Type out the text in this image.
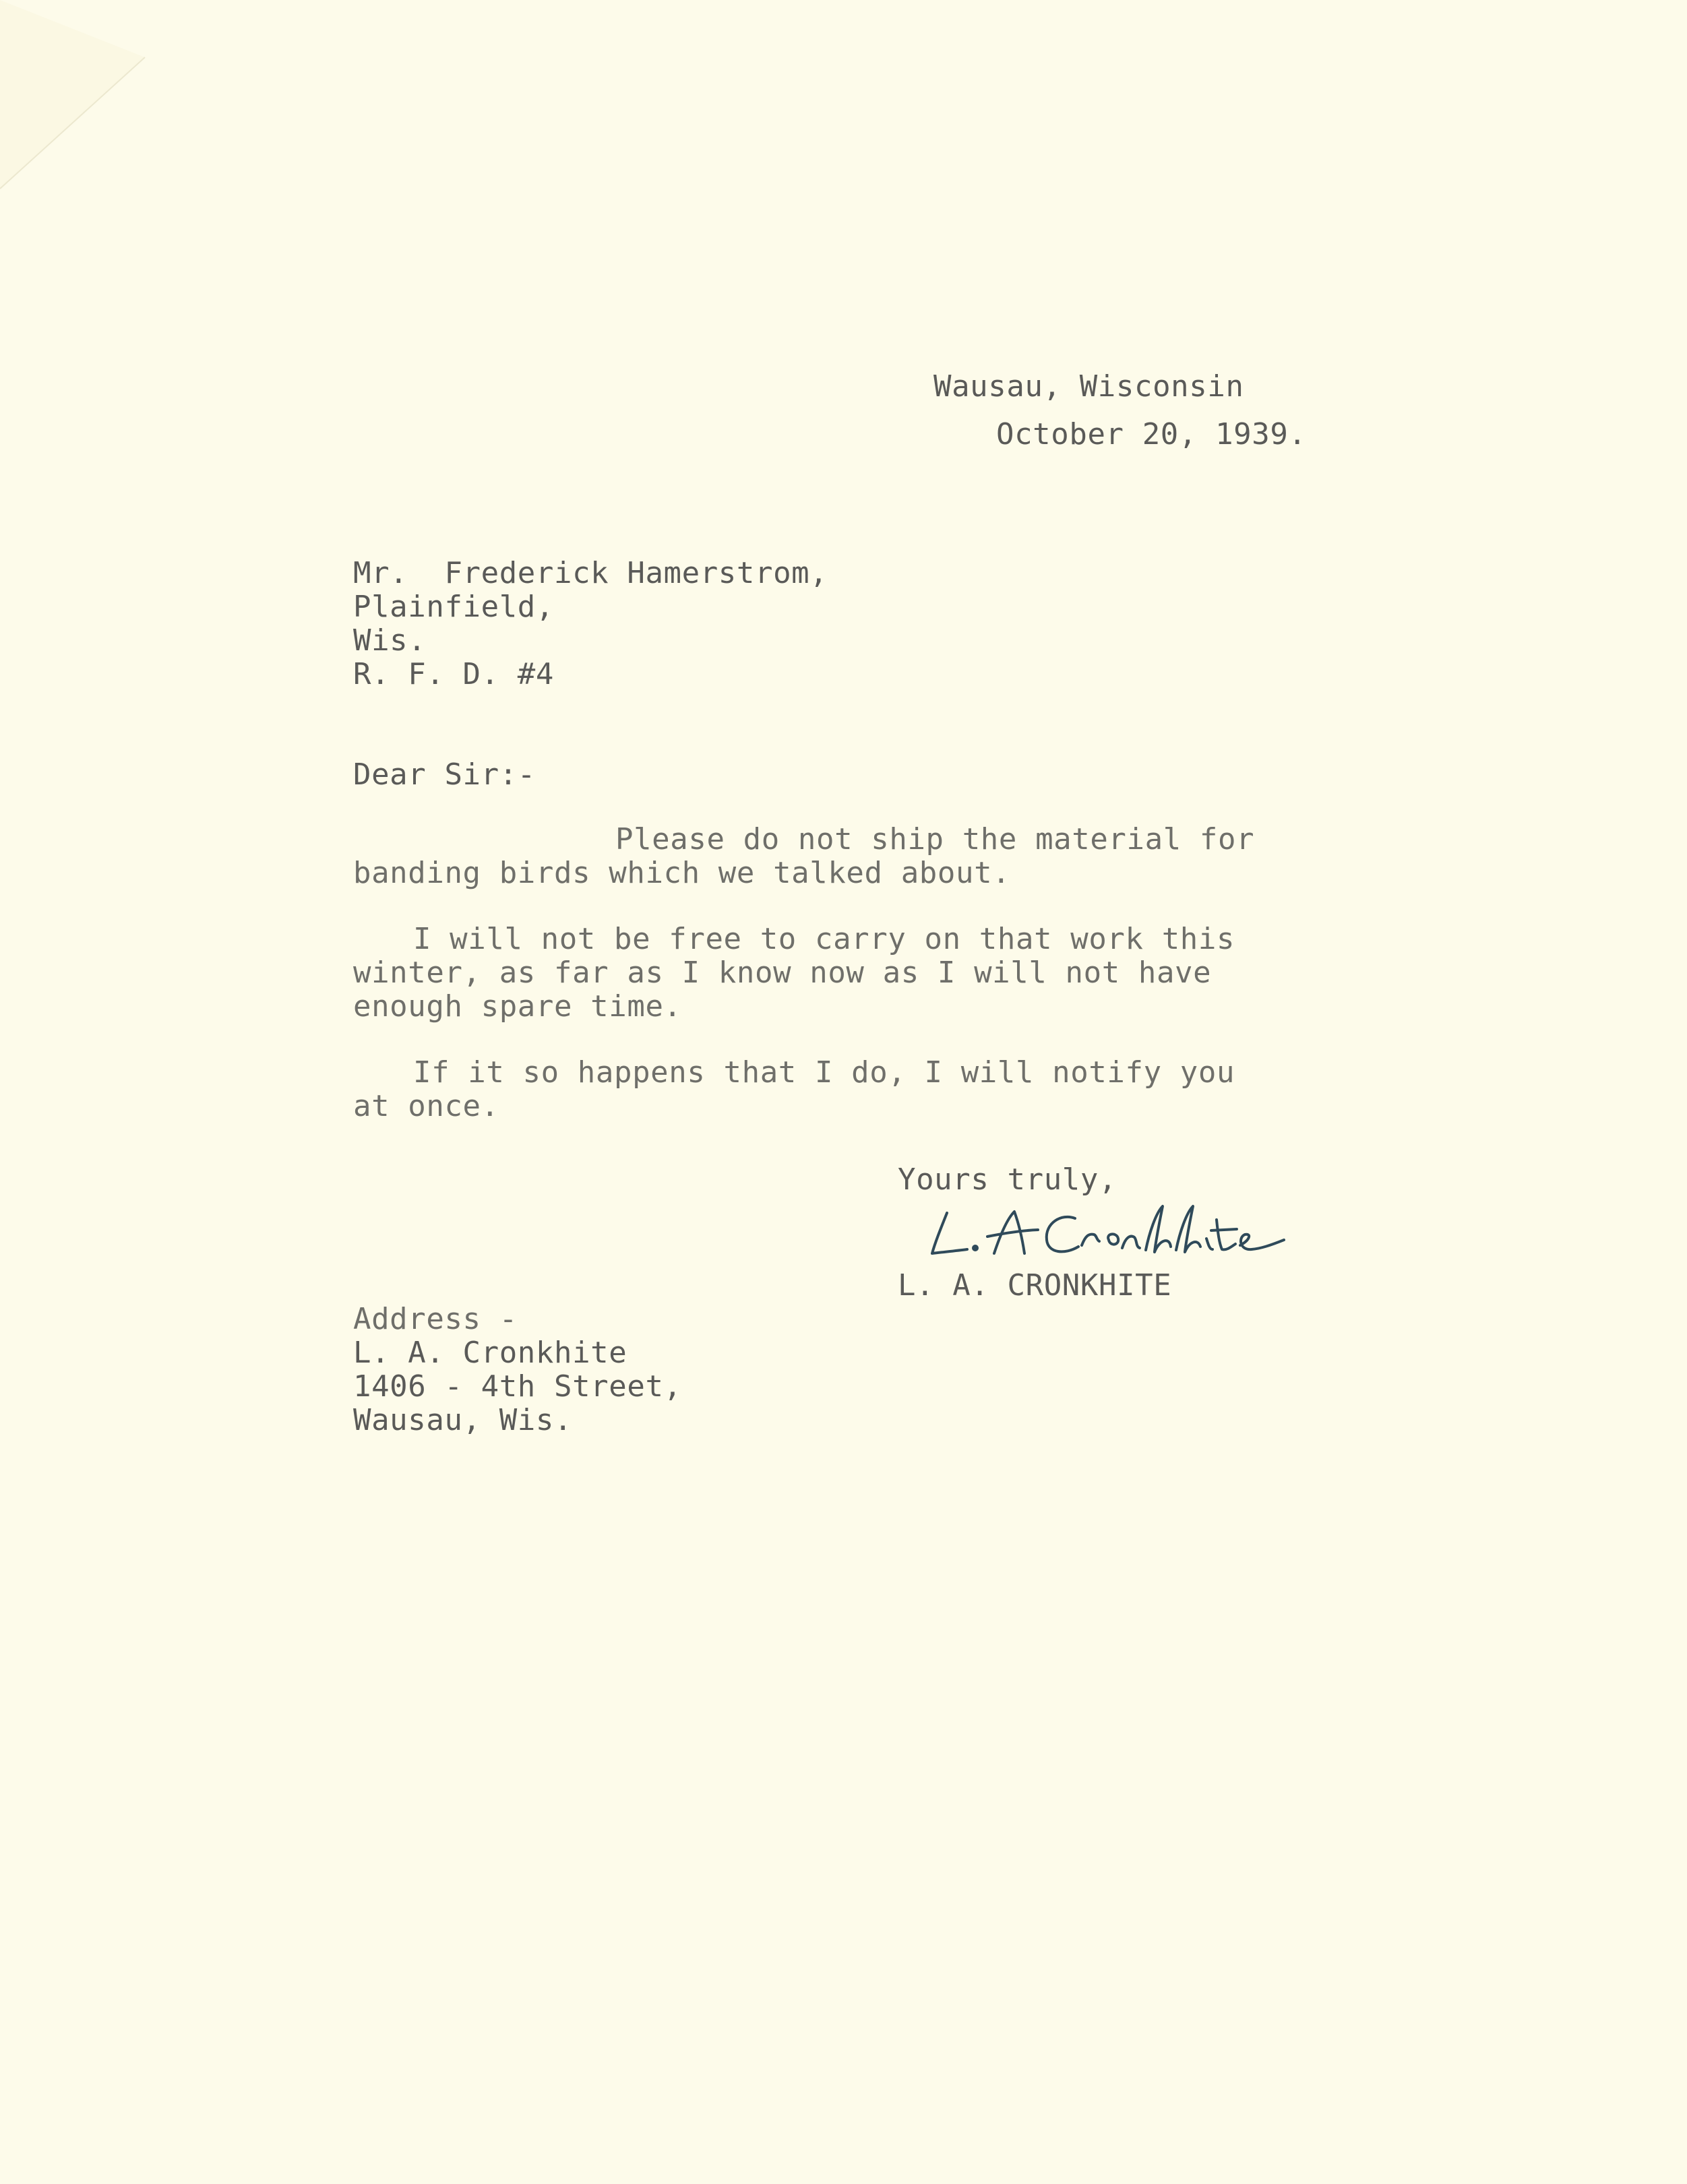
Wausau, Wisconsin
October 20, 1939.
Mr.  Frederick Hamerstrom,
Plainfield,
Wis.
R. F. D. #4
Dear Sir:-
Please do not ship the material for
banding birds which we talked about.
I will not be free to carry on that work this
winter, as far as I know now as I will not have
enough spare time.
If it so happens that I do, I will notify you
at once.
Yours truly,
L. A. CRONKHITE
Address -
L. A. Cronkhite
1406 - 4th Street,
Wausau, Wis.
